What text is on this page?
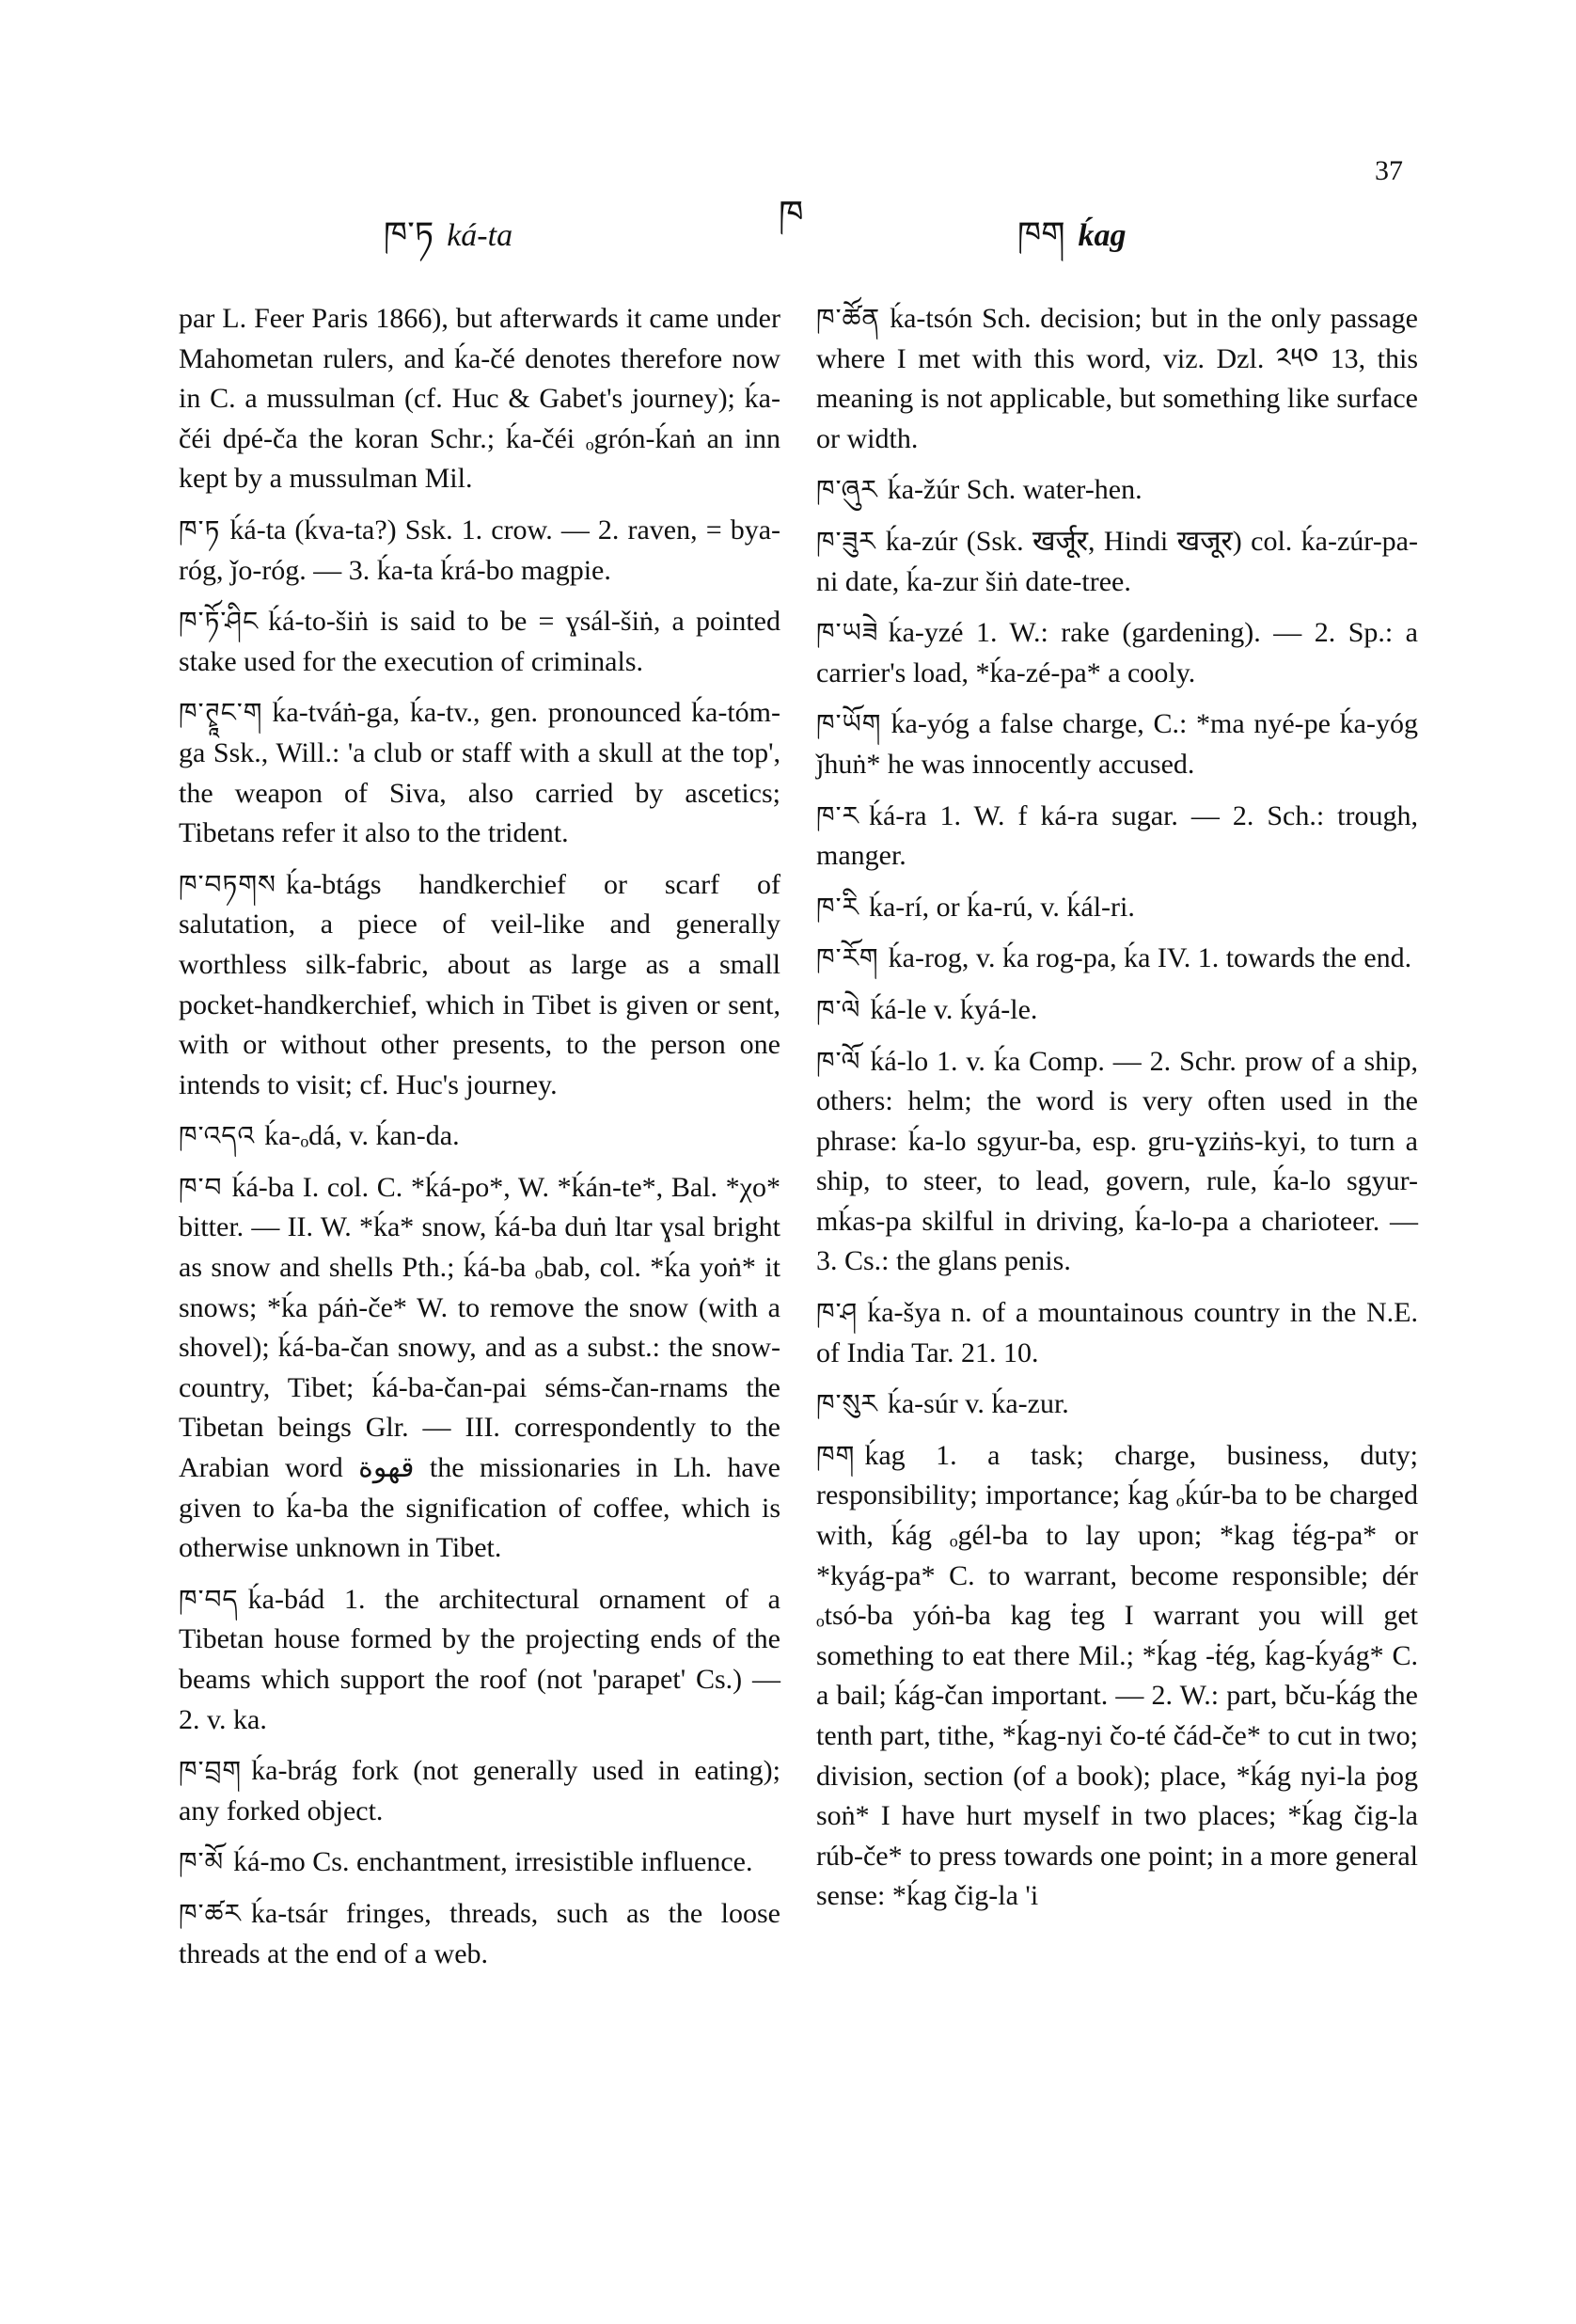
ཁ་ཏ ká-ta
ཁ
ཁག ḱag
37

par L. Feer Paris 1866), but afterwards it came under Mahometan rulers, and ḱa-čé denotes therefore now in C. a mussulman (cf. Huc & Gabet's journey); ḱa-čéi dpé-ča the koran Schr.; ḱa-čéi ₒgrón-ḱaṅ an inn kept by a mussulman Mil.

ཁ་ཏ ḱá-ta (ḱva-ta?) Ssk. 1. crow. — 2. raven, = bya-róg, ǰo-róg. — 3. ḱa-ta ḱrá-bo magpie.

ཁ་ཏོ་ཤིང ḱá-to-šiṅ is said to be = ɣsál-šiṅ, a pointed stake used for the execution of criminals.

ཁ་ཊྭཱང་ག ḱa-tváṅ-ga, ḱa-tv., gen. pronounced ḱa-tóm-ga Ssk., Will.: 'a club or staff with a skull at the top', the weapon of Siva, also carried by ascetics; Tibetans refer it also to the trident.

ཁ་བཏགས ḱa-btágs handkerchief or scarf of salutation, a piece of veil-like and generally worthless silk-fabric, about as large as a small pocket-handkerchief, which in Tibet is given or sent, with or without other presents, to the person one intends to visit; cf. Huc's journey.

ཁ་འདའ ḱa-ₒdá, v. ḱan-da.

ཁ་བ ḱá-ba I. col. C. *ḱá-po*, W. *ḱán-te*, Bal. *χo* bitter. — II. W. *ḱa* snow, ḱá-ba duṅ ltar ɣsal bright as snow and shells Pth.; ḱá-ba ₒbab, col. *ḱa yoṅ* it snows; *ḱa páṅ-če* W. to remove the snow (with a shovel); ḱá-ba-čan snowy, and as a subst.: the snow-country, Tibet; ḱá-ba-čan-pai séms-čan-rnams the Tibetan beings Glr. — III. correspondently to the Arabian word قهوة the missionaries in Lh. have given to ḱa-ba the signification of coffee, which is otherwise unknown in Tibet.

ཁ་བད ḱa-bád 1. the architectural ornament of a Tibetan house formed by the projecting ends of the beams which support the roof (not 'parapet' Cs.) — 2. v. ka.

ཁ་བྲག ḱa-brág fork (not generally used in eating); any forked object.

ཁ་མོ ḱá-mo Cs. enchantment, irresistible influence.

ཁ་ཚར ḱa-tsár fringes, threads, such as the loose threads at the end of a web.

ཁ་ཚོན ḱa-tsón Sch. decision; but in the only passage where I met with this word, viz. Dzl. ༢༥༠ 13, this meaning is not applicable, but something like surface or width.

ཁ་ཞུར ḱa-žúr Sch. water-hen.

ཁ་ཟུར ḱa-zúr (Ssk. खर्जूर, Hindi खजूर) col. ḱa-zúr-pa-ni date, ḱa-zur šiṅ date-tree.

ཁ་ཡཟེ ḱa-yzé 1. W.: rake (gardening). — 2. Sp.: a carrier's load, *ḱa-zé-pa* a cooly.

ཁ་ཡོག ḱa-yóg a false charge, C.: *ma nyé-pe ḱa-yóg ǰhuṅ* he was innocently accused.

ཁ་ར ḱá-ra 1. W. f ká-ra sugar. — 2. Sch.: trough, manger.

ཁ་རི ḱa-rí, or ḱa-rú, v. ḱál-ri.

ཁ་རོག ḱa-rog, v. ḱa rog-pa, ḱa IV. 1. towards the end.

ཁ་ལེ ḱá-le v. ḱyá-le.

ཁ་ལོ ḱá-lo 1. v. ḱa Comp. — 2. Schr. prow of a ship, others: helm; the word is very often used in the phrase: ḱa-lo sgyur-ba, esp. gru-ɣziṅs-kyi, to turn a ship, to steer, to lead, govern, rule, ḱa-lo sgyur-mḱas-pa skilful in driving, ḱa-lo-pa a charioteer. — 3. Cs.: the glans penis.

ཁ་ཤ ḱa-šya n. of a mountainous country in the N.E. of India Tar. 21. 10.

ཁ་སུར ḱa-súr v. ḱa-zur.

ཁག ḱag 1. a task; charge, business, duty; responsibility; importance; ḱag ₒḱúr-ba to be charged with, ḱág ₒgél-ba to lay upon; *kag ṫég-pa* or *kyág-pa* C. to warrant, become responsible; dér ₒtsó-ba yóṅ-ba kag ṫeg I warrant you will get something to eat there Mil.; *ḱag -ṫég, ḱag-ḱyág* C. a bail; ḱág-čan important. — 2. W.: part, bču-ḱág the tenth part, tithe, *ḱag-nyi čo-té čád-če* to cut in two; division, section (of a book); place, *ḱág nyi-la ṗog soṅ* I have hurt myself in two places; *ḱag čig-la rúb-če* to press towards one point; in a more general sense: *ḱag čig-la 'i
